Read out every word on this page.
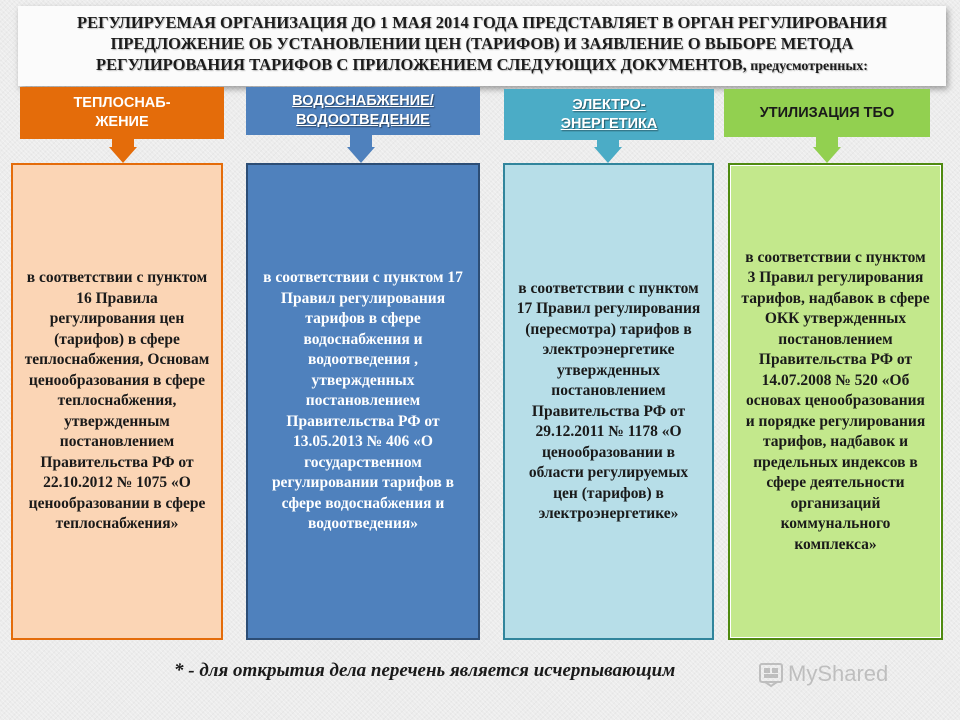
РЕГУЛИРУЕМАЯ ОРГАНИЗАЦИЯ ДО 1 МАЯ 2014 ГОДА ПРЕДСТАВЛЯЕТ В ОРГАН РЕГУЛИРОВАНИЯ
ПРЕДЛОЖЕНИЕ ОБ УСТАНОВЛЕНИИ ЦЕН (ТАРИФОВ) И ЗАЯВЛЕНИЕ О ВЫБОРЕ МЕТОДА
РЕГУЛИРОВАНИЯ ТАРИФОВ С ПРИЛОЖЕНИЕМ СЛЕДУЮЩИХ ДОКУМЕНТОВ, предусмотренных:
ТЕПЛОСНАБ-
ЖЕНИЕ
в соответствии с пунктом 16 Правила регулирования цен (тарифов) в сфере теплоснабжения, Основам ценообразования в сфере теплоснабжения, утвержденным постановлением Правительства РФ от 22.10.2012 № 1075 «О ценообразовании в сфере теплоснабжения»
ВОДОСНАБЖЕНИЕ/
ВОДООТВЕДЕНИЕ
в соответствии с пунктом 17 Правил регулирования тарифов в сфере водоснабжения и водоотведения , утвержденных постановлением Правительства РФ от 13.05.2013 № 406 «О государственном регулировании тарифов в сфере водоснабжения и водоотведения»
ЭЛЕКТРО-
ЭНЕРГЕТИКА
в соответствии с пунктом 17 Правил регулирования (пересмотра) тарифов в электроэнергетике утвержденных постановлением Правительства РФ от 29.12.2011 № 1178 «О ценообразовании в области регулируемых цен (тарифов) в электроэнергетике»
УТИЛИЗАЦИЯ ТБО
в соответствии с пунктом 3 Правил регулирования тарифов, надбавок в сфере ОКК утвержденных постановлением Правительства РФ от 14.07.2008 № 520 «Об основах ценообразования и порядке регулирования тарифов, надбавок и предельных индексов в сфере деятельности организаций коммунального комплекса»
* - для открытия дела перечень является исчерпывающим	MyShared
